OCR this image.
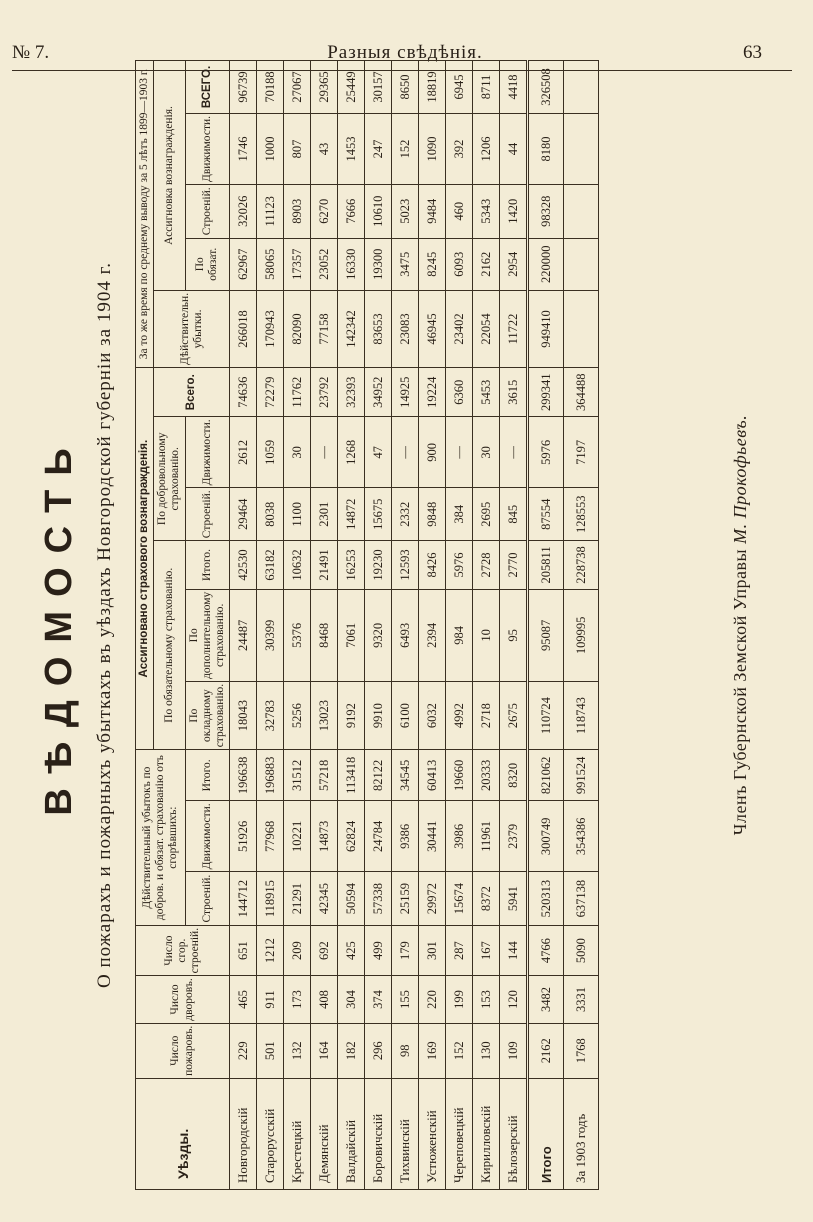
№ 7.	Разныя свѣдѣнія.	63
ВѢДОМОСТЬ О пожарахъ и пожарныхъ убыткахъ въ уѣздахъ Новгородской губерніи за 1904 г.
Уѣзды.	Число пожаровъ.	Число дворовъ.	Число сгор. строеній.	Дѣйствительный убытокъ по добров. и обязат. страхованію отъ сгорѣвшихъ:			Ассигновано страхового вознагражденія.						За то же время по среднему выводу за 5 лѣтъ 1899—1903 г.				
							По обязательному страхованію.			По добровольному страхованію.		Всего.	Дѣйствительн. убытки.	Ассигновка вознагражденія.			
				Строеній.	Движимости.	Итого.	По окладному страхованію.	По дополнительному страхованію.	Итого.	Строеній.	Движимости.			По обязат.	Строеній.	Движимости.	ВСЕГО.
Новгородскій	229	465	651	144712	51926	196638	18043	24487	42530	29464	2612	74636	266018	62967	32026	1746	96739
Старорусскій	501	911	1212	118915	77968	196883	32783	30399	63182	8038	1059	72279	170943	58065	11123	1000	70188
Крестецкій	132	173	209	21291	10221	31512	5256	5376	10632	1100	30	11762	82090	17357	8903	807	27067
Демянскій	164	408	692	42345	14873	57218	13023	8468	21491	2301	—	23792	77158	23052	6270	43	29365
Валдайскій	182	304	425	50594	62824	113418	9192	7061	16253	14872	1268	32393	142342	16330	7666	1453	25449
Боровичскій	296	374	499	57338	24784	82122	9910	9320	19230	15675	47	34952	83653	19300	10610	247	30157
Тихвинскій	98	155	179	25159	9386	34545	6100	6493	12593	2332	—	14925	23083	3475	5023	152	8650
Устюженскій	169	220	301	29972	30441	60413	6032	2394	8426	9848	900	19224	46945	8245	9484	1090	18819
Череповецкій	152	199	287	15674	3986	19660	4992	984	5976	384	—	6360	23402	6093	460	392	6945
Кирилловскій	130	153	167	8372	11961	20333	2718	10	2728	2695	30	5453	22054	2162	5343	1206	8711
Бѣлозерскій	109	120	144	5941	2379	8320	2675	95	2770	845	—	3615	11722	2954	1420	44	4418
Итого	2162	3482	4766	520313	300749	821062	110724	95087	205811	87554	5976	299341	949410	220000	98328	8180	326508
За 1903 годъ	1768	3331	5090	637138	354386	991524	118743	109995	228738	128553	7197	364488					
Членъ Губернской Земской Управы М. Прокофьевъ.
